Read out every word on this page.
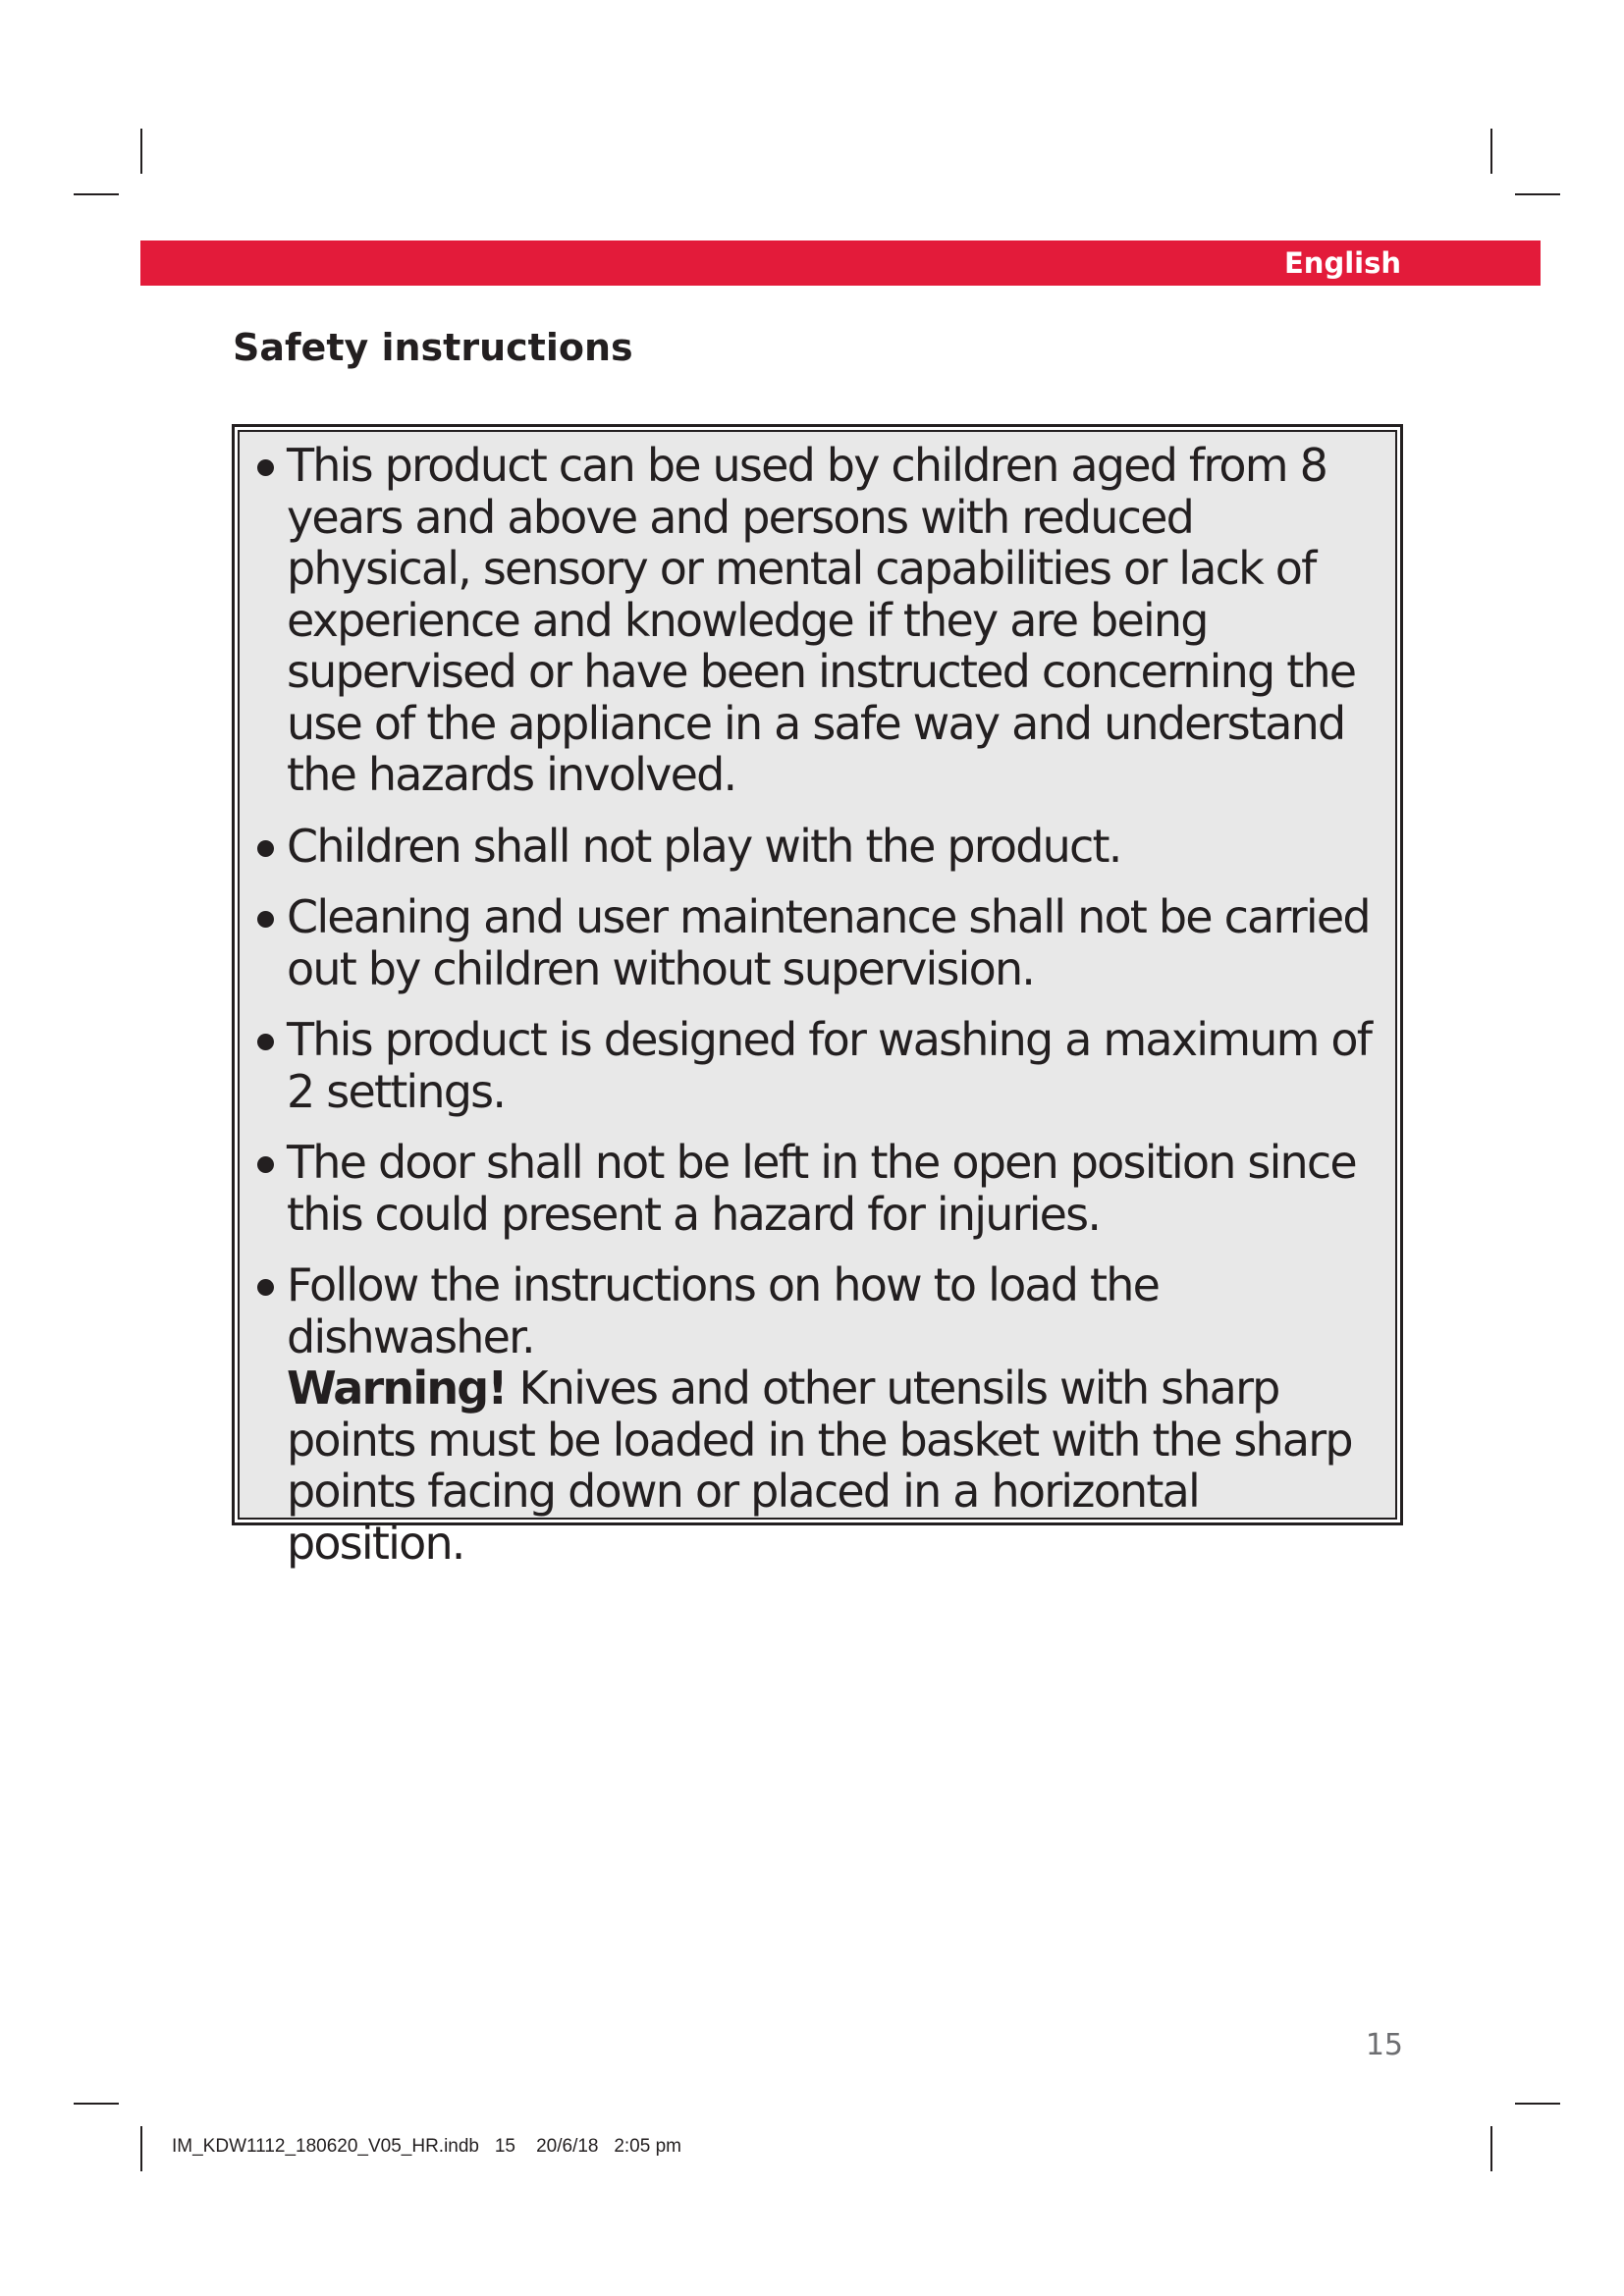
English
Safety instructions
This product can be used by children aged from 8 years and above and persons with reduced physical, sensory or mental capabilities or lack of experience and knowledge if they are being supervised or have been instructed concerning the use of the appliance in a safe way and understand the hazards involved.
Children shall not play with the product.
Cleaning and user maintenance shall not be carried out by children without supervision.
This product is designed for washing a maximum of 2 settings.
The door shall not be left in the open position since this could present a hazard for injuries.
Follow the instructions on how to load the dishwasher.
Warning! Knives and other utensils with sharp points must be loaded in the basket with the sharp points facing down or placed in a horizontal position.
15
IM_KDW1112_180620_V05_HR.indb   15    20/6/18   2:05 pm
